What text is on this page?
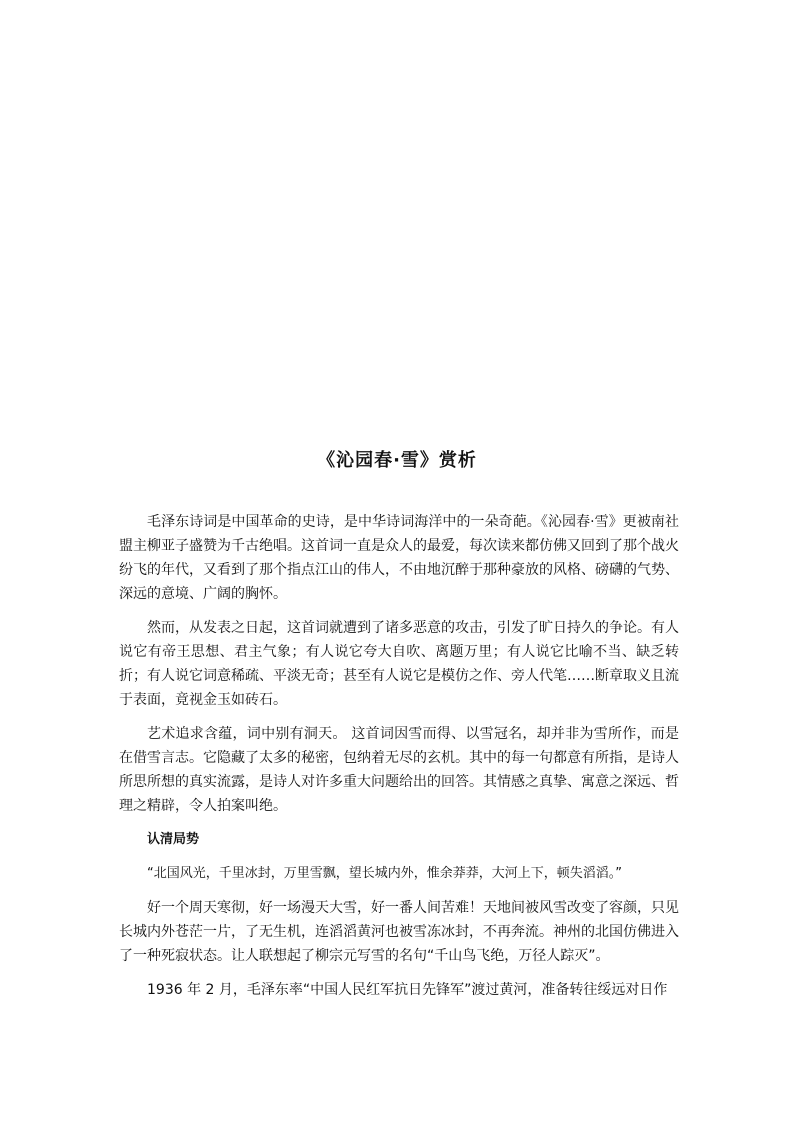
《沁园春·雪》赏析

毛泽东诗词是中国革命的史诗，是中华诗词海洋中的一朵奇葩。《沁园春·雪》更被南社盟主柳亚子盛赞为千古绝唱。这首词一直是众人的最爱，每次读来都仿佛又回到了那个战火纷飞的年代，又看到了那个指点江山的伟人，不由地沉醉于那种豪放的风格、磅礴的气势、深远的意境、广阔的胸怀。

然而，从发表之日起，这首词就遭到了诸多恶意的攻击，引发了旷日持久的争论。有人说它有帝王思想、君主气象；有人说它夸大自吹、离题万里；有人说它比喻不当、缺乏转折；有人说它词意稀疏、平淡无奇；甚至有人说它是模仿之作、旁人代笔……断章取义且流于表面，竟视金玉如砖石。

艺术追求含蕴，词中别有洞天。 这首词因雪而得、以雪冠名，却并非为雪所作，而是在借雪言志。它隐藏了太多的秘密，包纳着无尽的玄机。其中的每一句都意有所指，是诗人所思所想的真实流露，是诗人对许多重大问题给出的回答。其情感之真挚、寓意之深远、哲理之精辟，令人拍案叫绝。

认清局势

“北国风光，千里冰封，万里雪飘，望长城内外，惟余莽莽，大河上下，顿失滔滔。”

好一个周天寒彻，好一场漫天大雪，好一番人间苦难！天地间被风雪改变了容颜，只见长城内外苍茫一片，了无生机，连滔滔黄河也被雪冻冰封，不再奔流。神州的北国仿佛进入了一种死寂状态。让人联想起了柳宗元写雪的名句“千山鸟飞绝，万径人踪灭”。

1936 年 2 月，毛泽东率“中国人民红军抗日先锋军”渡过黄河，准备转往绥远对日作
